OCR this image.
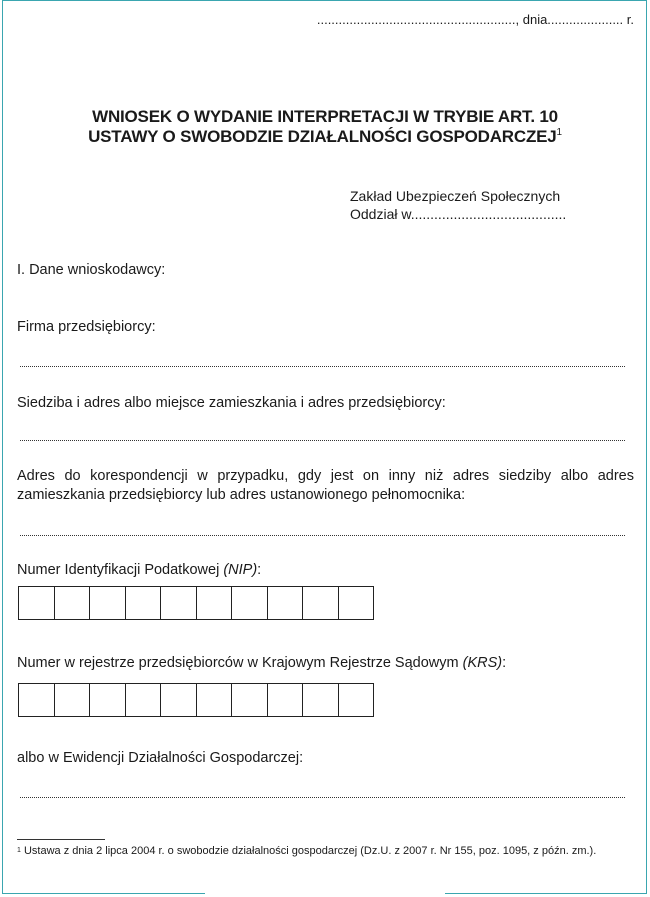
......................................................., dnia..................... r.
WNIOSEK O WYDANIE INTERPRETACJI W TRYBIE ART. 10
USTAWY O SWOBODZIE DZIAŁALNOŚCI GOSPODARCZEJ$^1$
Zakład Ubezpieczeń Społecznych
Oddział w........................................
I. Dane wnioskodawcy:
Firma przedsiębiorcy:
Siedziba i adres albo miejsce zamieszkania i adres przedsiębiorcy:
Adres do korespondencji w przypadku, gdy jest on inny niż adres siedziby albo adres zamieszkania przedsiębiorcy lub adres ustanowionego pełnomocnika:
Numer Identyfikacji Podatkowej (NIP):
Numer w rejestrze przedsiębiorców w Krajowym Rejestrze Sądowym (KRS):
albo w Ewidencji Działalności Gospodarczej:
$^1$ Ustawa z dnia 2 lipca 2004 r. o swobodzie działalności gospodarczej (Dz.U. z 2007 r. Nr 155, poz. 1095, z późn. zm.).
